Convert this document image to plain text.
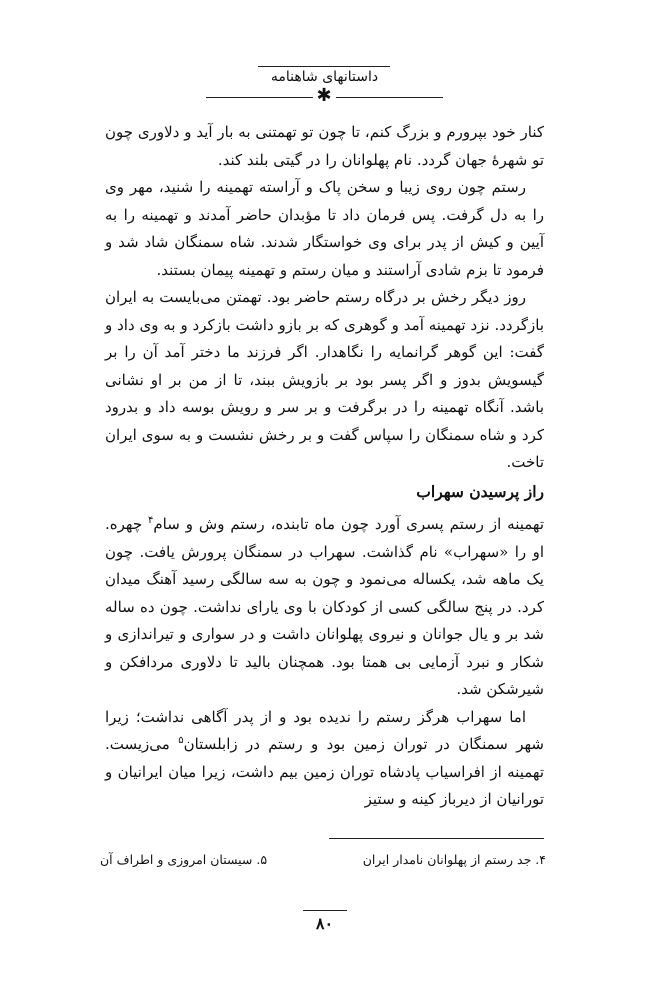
داستانهای شاهنامه
✱

کنار خود بپرورم و بزرگ کنم، تا چون تو تهمتنی به بار آید و دلاوری چون تو شهرهٔ جهان گردد. نام پهلوانان را در گیتی بلند کند.

رستم چون روی زیبا و سخن پاک و آراسته تهمینه را شنید، مهر وی را به دل گرفت. پس فرمان داد تا مؤبدان حاضر آمدند و تهمینه را به آیین و کیش از پدر برای وی خواستگار شدند. شاه سمنگان شاد شد و فرمود تا بزم شادی آراستند و میان رستم و تهمینه پیمان بستند.

روز دیگر رخش بر درگاه رستم حاضر بود. تهمتن می‌بایست به ایران بازگردد. نزد تهمینه آمد و گوهری که بر بازو داشت بازکرد و به وی داد و گفت: این گوهر گرانمایه را نگاهدار. اگر فرزند ما دختر آمد آن را بر گیسویش بدوز و اگر پسر بود بر بازویش ببند، تا از من بر او نشانی باشد. آنگاه تهمینه را در برگرفت و بر سر و رویش بوسه داد و بدرود کرد و شاه سمنگان را سپاس گفت و بر رخش نشست و به سوی ایران تاخت.

راز پرسیدن سهراب

تهمینه از رستم پسری آورد چون ماه تابنده، رستم وش و سام$^۴$ چهره. او را «سهراب» نام گذاشت. سهراب در سمنگان پرورش یافت. چون یک ماهه شد، یکساله می‌نمود و چون به سه سالگی رسید آهنگ میدان کرد. در پنج سالگی کسی از کودکان با وی یارای نداشت. چون ده ساله شد بر و یال جوانان و نیروی پهلوانان داشت و در سواری و تیراندازی و شکار و نبرد آزمایی بی همتا بود. همچنان بالید تا دلاوری مردافکن و شیرشکن شد.

اما سهراب هرگز رستم را ندیده بود و از پدر آگاهی نداشت؛ زیرا شهر سمنگان در توران زمین بود و رستم در زابلستان$^۵$ می‌زیست. تهمینه از افراسیاب پادشاه توران زمین بیم داشت، زیرا میان ایرانیان و تورانیان از دیرباز کینه و ستیز

۴. جد رستم از پهلوانان نامدار ایران
۵. سیستان امروزی و اطراف آن
۸۰
